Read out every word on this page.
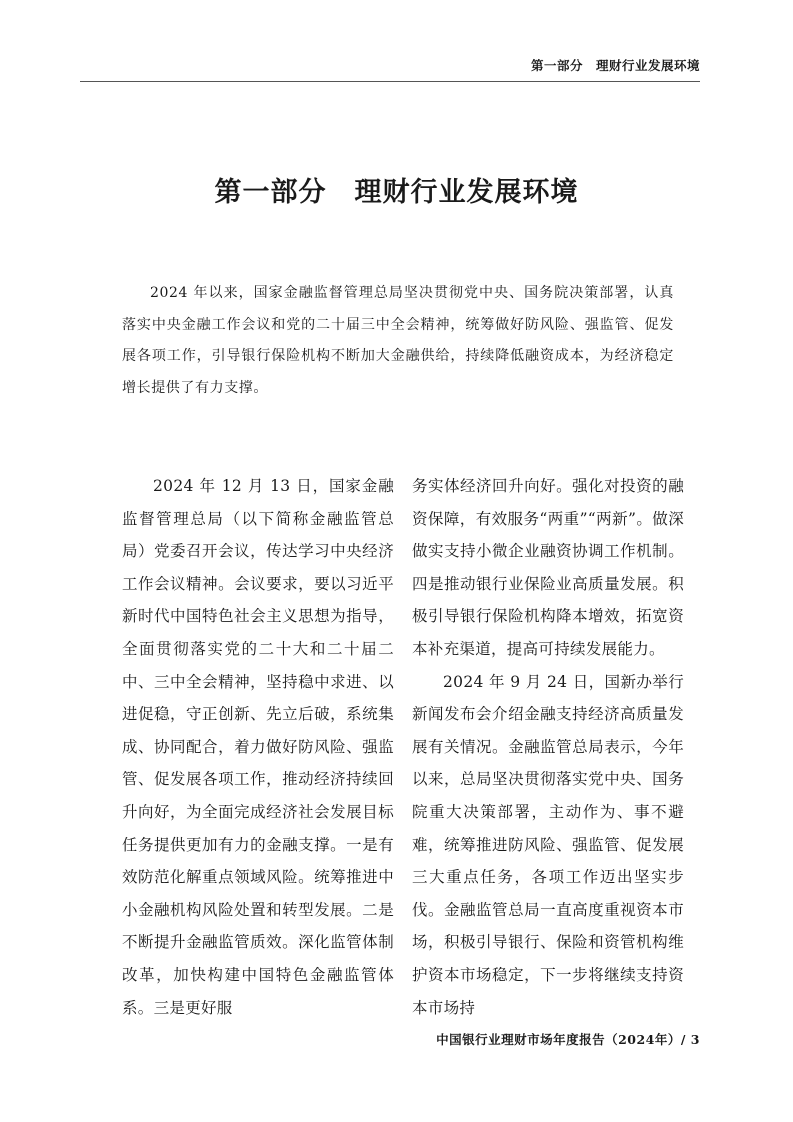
第一部分　理财行业发展环境
第一部分　理财行业发展环境

2024 年以来，国家金融监督管理总局坚决贯彻党中央、国务院决策部署，认真落实中央金融工作会议和党的二十届三中全会精神，统筹做好防风险、强监管、促发展各项工作，引导银行保险机构不断加大金融供给，持续降低融资成本，为经济稳定增长提供了有力支撑。

2024 年 12 月 13 日，国家金融监督管理总局（以下简称金融监管总局）党委召开会议，传达学习中央经济工作会议精神。会议要求，要以习近平新时代中国特色社会主义思想为指导，全面贯彻落实党的二十大和二十届二中、三中全会精神，坚持稳中求进、以进促稳，守正创新、先立后破，系统集成、协同配合，着力做好防风险、强监管、促发展各项工作，推动经济持续回升向好，为全面完成经济社会发展目标任务提供更加有力的金融支撑。一是有效防范化解重点领域风险。统筹推进中小金融机构风险处置和转型发展。二是不断提升金融监管质效。深化监管体制改革，加快构建中国特色金融监管体系。三是更好服

务实体经济回升向好。强化对投资的融资保障，有效服务“两重”“两新”。做深做实支持小微企业融资协调工作机制。四是推动银行业保险业高质量发展。积极引导银行保险机构降本增效，拓宽资本补充渠道，提高可持续发展能力。

2024 年 9 月 24 日，国新办举行新闻发布会介绍金融支持经济高质量发展有关情况。金融监管总局表示，今年以来，总局坚决贯彻落实党中央、国务院重大决策部署，主动作为、事不避难，统筹推进防风险、强监管、促发展三大重点任务，各项工作迈出坚实步伐。金融监管总局一直高度重视资本市场，积极引导银行、保险和资管机构维护资本市场稳定，下一步将继续支持资本市场持

中国银行业理财市场年度报告（2024年）/ 3
